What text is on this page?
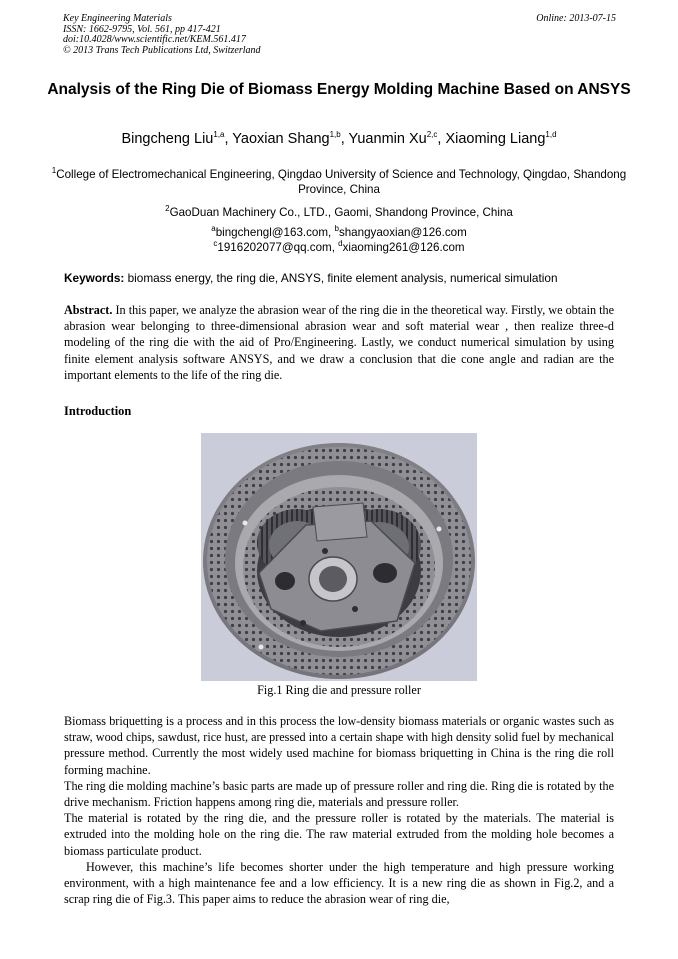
Key Engineering Materials
ISSN: 1662-9795, Vol. 561, pp 417-421
doi:10.4028/www.scientific.net/KEM.561.417
© 2013 Trans Tech Publications Ltd, Switzerland
Online: 2013-07-15
Analysis of the Ring Die of Biomass Energy Molding Machine Based on ANSYS
Bingcheng Liu$^{1,a}$, Yaoxian Shang$^{1,b}$, Yuanmin Xu$^{2,c}$, Xiaoming Liang$^{1,d}$
$^1$College of Electromechanical Engineering, Qingdao University of Science and Technology, Qingdao, Shandong Province, China
$^2$GaoDuan Machinery Co., LTD., Gaomi, Shandong Province, China
$^a$bingchengl@163.com, $^b$shangyaoxian@126.com
$^c$1916202077@qq.com, $^d$xiaoming261@126.com
Keywords: biomass energy, the ring die, ANSYS, finite element analysis, numerical simulation
Abstract. In this paper, we analyze the abrasion wear of the ring die in the theoretical way. Firstly, we obtain the abrasion wear belonging to three-dimensional abrasion wear and soft material wear , then realize three-d modeling of the ring die with the aid of Pro/Engineering. Lastly, we conduct numerical simulation by using finite element analysis software ANSYS, and we draw a conclusion that die cone angle and radian are the important elements to the life of the ring die.
Introduction
Fig.1 Ring die and pressure roller

Biomass briquetting is a process and in this process the low-density biomass materials or organic wastes such as straw, wood chips, sawdust, rice hust, are pressed into a certain shape with high density solid fuel by mechanical pressure method. Currently the most widely used machine for biomass briquetting in China is the ring die roll forming machine.

The ring die molding machine’s basic parts are made up of pressure roller and ring die. Ring die is rotated by the drive mechanism. Friction happens among ring die, materials and pressure roller.

The material is rotated by the ring die, and the pressure roller is rotated by the materials. The material is extruded into the molding hole on the ring die. The raw material extruded from the molding hole becomes a biomass particulate product.

However, this machine’s life becomes shorter under the high temperature and high pressure working environment, with a high maintenance fee and a low efficiency. It is a new ring die as shown in Fig.2, and a scrap ring die of Fig.3. This paper aims to reduce the abrasion wear of ring die,
